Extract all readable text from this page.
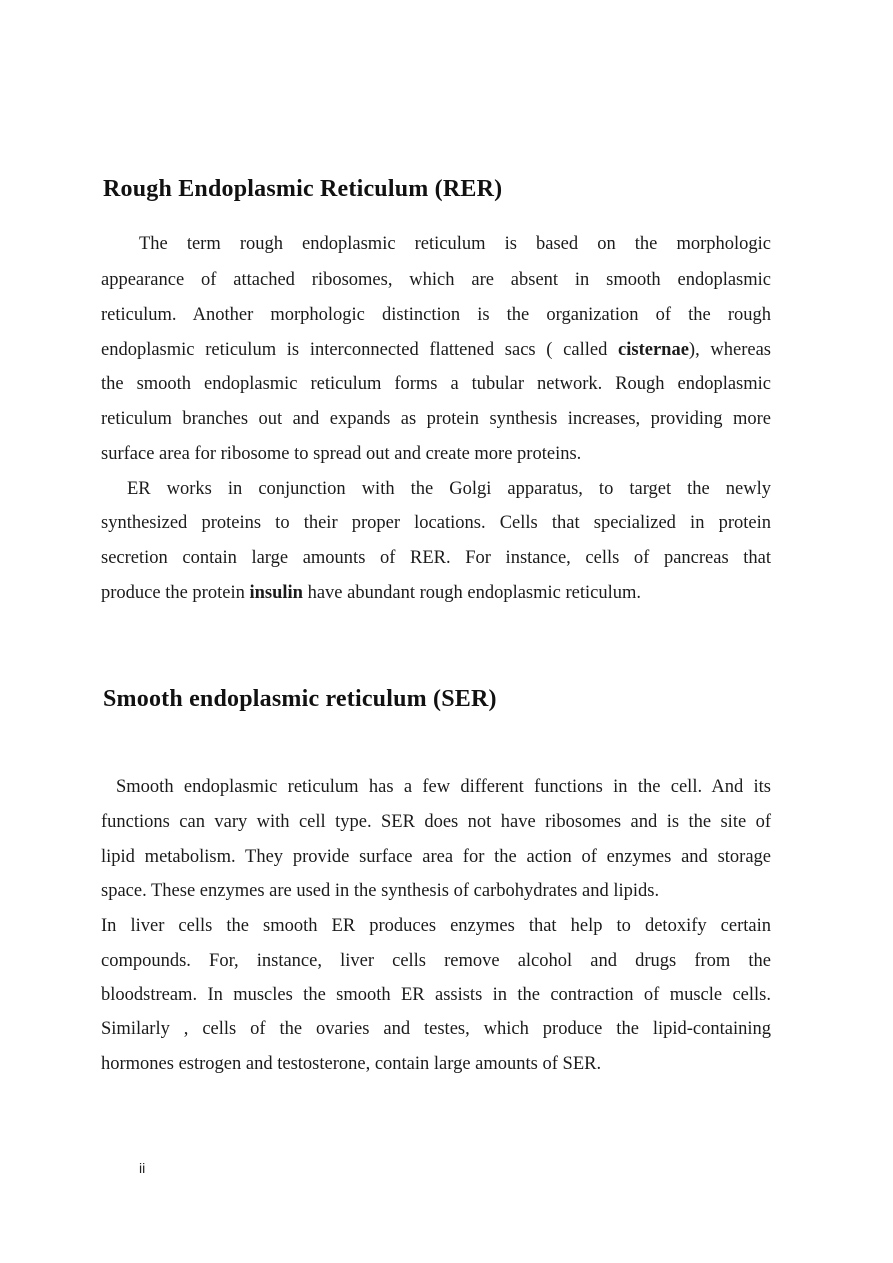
Rough Endoplasmic Reticulum (RER)

The term rough endoplasmic reticulum is based on the morphologic

appearance of attached ribosomes, which are absent in smooth endoplasmic

reticulum. Another morphologic distinction is the organization of the rough

endoplasmic reticulum is interconnected flattened sacs ( called cisternae), whereas

the smooth endoplasmic reticulum forms a tubular network. Rough endoplasmic

reticulum branches out and expands as protein synthesis increases, providing more

surface area for ribosome to spread out and create more proteins.

ER works in conjunction with the Golgi apparatus, to target the newly

synthesized proteins to their proper locations. Cells that specialized in protein

secretion contain large amounts of RER. For instance, cells of pancreas that

produce the protein insulin have abundant rough endoplasmic reticulum.

Smooth endoplasmic reticulum (SER)

Smooth endoplasmic reticulum has a few different functions in the cell. And its

functions can vary with cell type. SER does not have ribosomes and is the site of

lipid metabolism. They provide surface area for the action of enzymes and storage

space. These enzymes are used in the synthesis of carbohydrates and lipids.

In liver cells the smooth ER produces enzymes that help to detoxify certain

compounds. For, instance, liver cells remove alcohol and drugs from the

bloodstream. In muscles the smooth ER assists in the contraction of muscle cells.

Similarly , cells of the ovaries and testes, which produce the lipid-containing

hormones estrogen and testosterone, contain large amounts of SER.

ii
